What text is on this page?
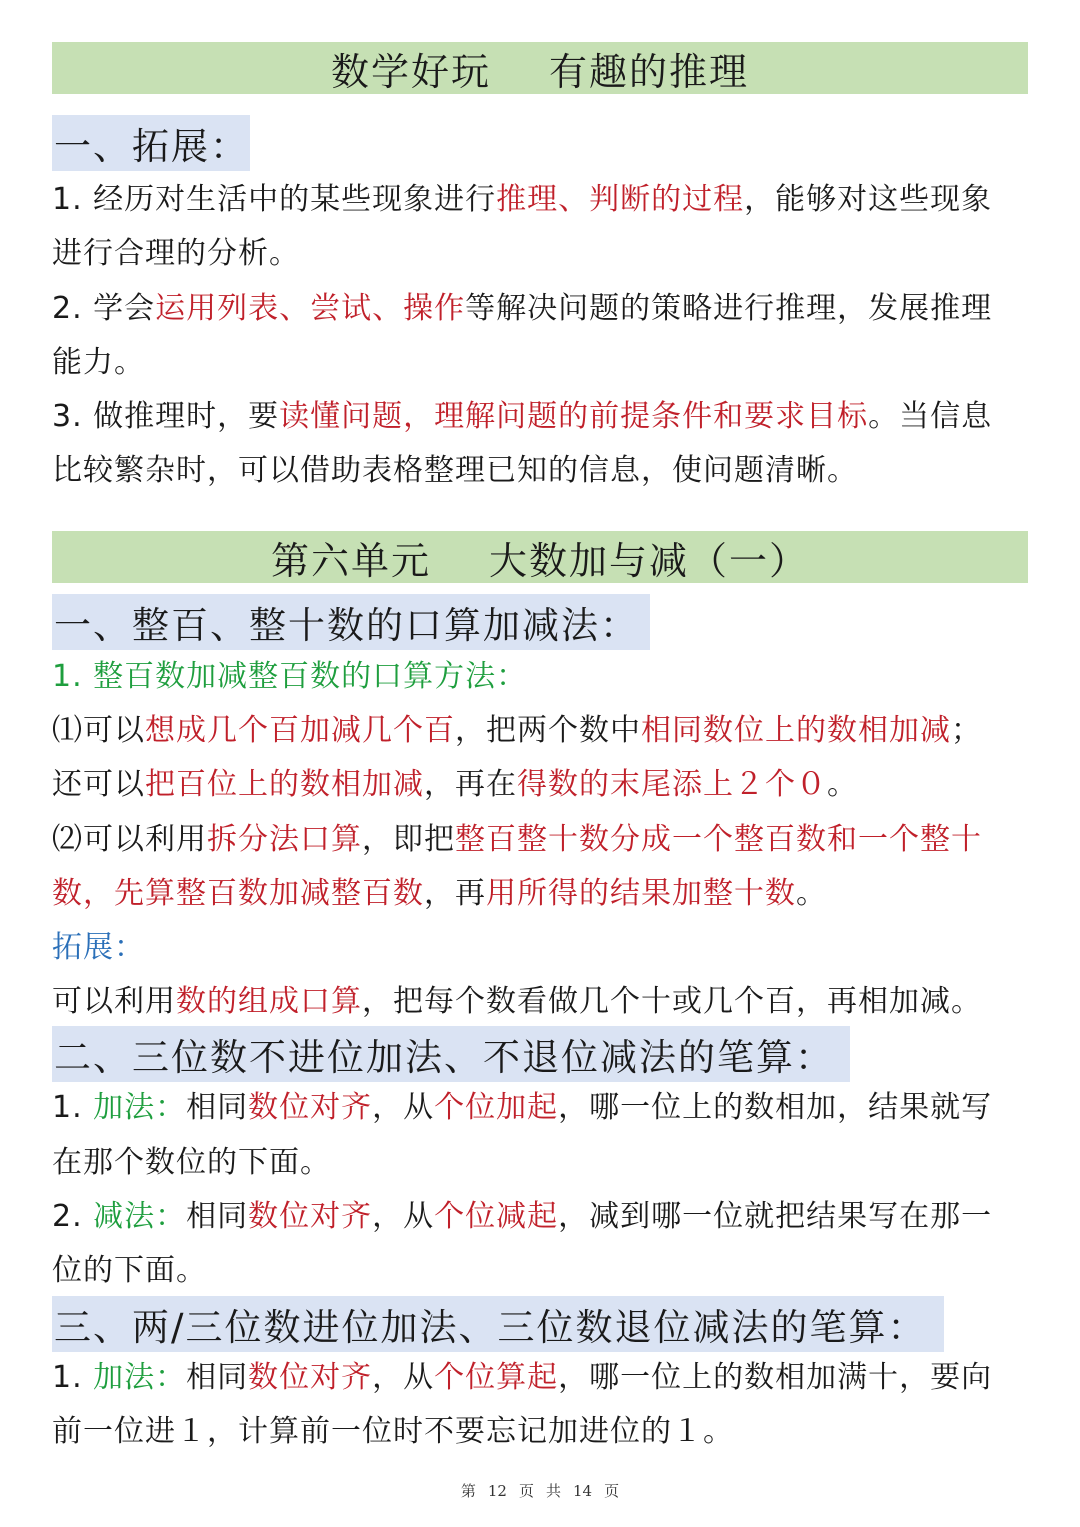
数学好玩 有趣的推理
一、拓展：
1. 经历对生活中的某些现象进行推理、判断的过程，能够对这些现象
进行合理的分析。
2. 学会运用列表、尝试、操作等解决问题的策略进行推理，发展推理
能力。
3. 做推理时，要读懂问题，理解问题的前提条件和要求目标。当信息
比较繁杂时，可以借助表格整理已知的信息，使问题清晰。
第六单元 大数加与减（一）
一、整百、整十数的口算加减法：
1. 整百数加减整百数的口算方法：
⑴可以想成几个百加减几个百，把两个数中相同数位上的数相加减；
还可以把百位上的数相加减，再在得数的末尾添上２个０。
⑵可以利用拆分法口算，即把整百整十数分成一个整百数和一个整十
数，先算整百数加减整百数，再用所得的结果加整十数。
拓展：
可以利用数的组成口算，把每个数看做几个十或几个百，再相加减。
二、三位数不进位加法、不退位减法的笔算：
1. 加法：相同数位对齐，从个位加起，哪一位上的数相加，结果就写
在那个数位的下面。
2. 减法：相同数位对齐，从个位减起，减到哪一位就把结果写在那一
位的下面。
三、两/三位数进位加法、三位数退位减法的笔算：
1. 加法：相同数位对齐，从个位算起，哪一位上的数相加满十，要向
前一位进１，计算前一位时不要忘记加进位的１。
第 12 页 共 14 页
